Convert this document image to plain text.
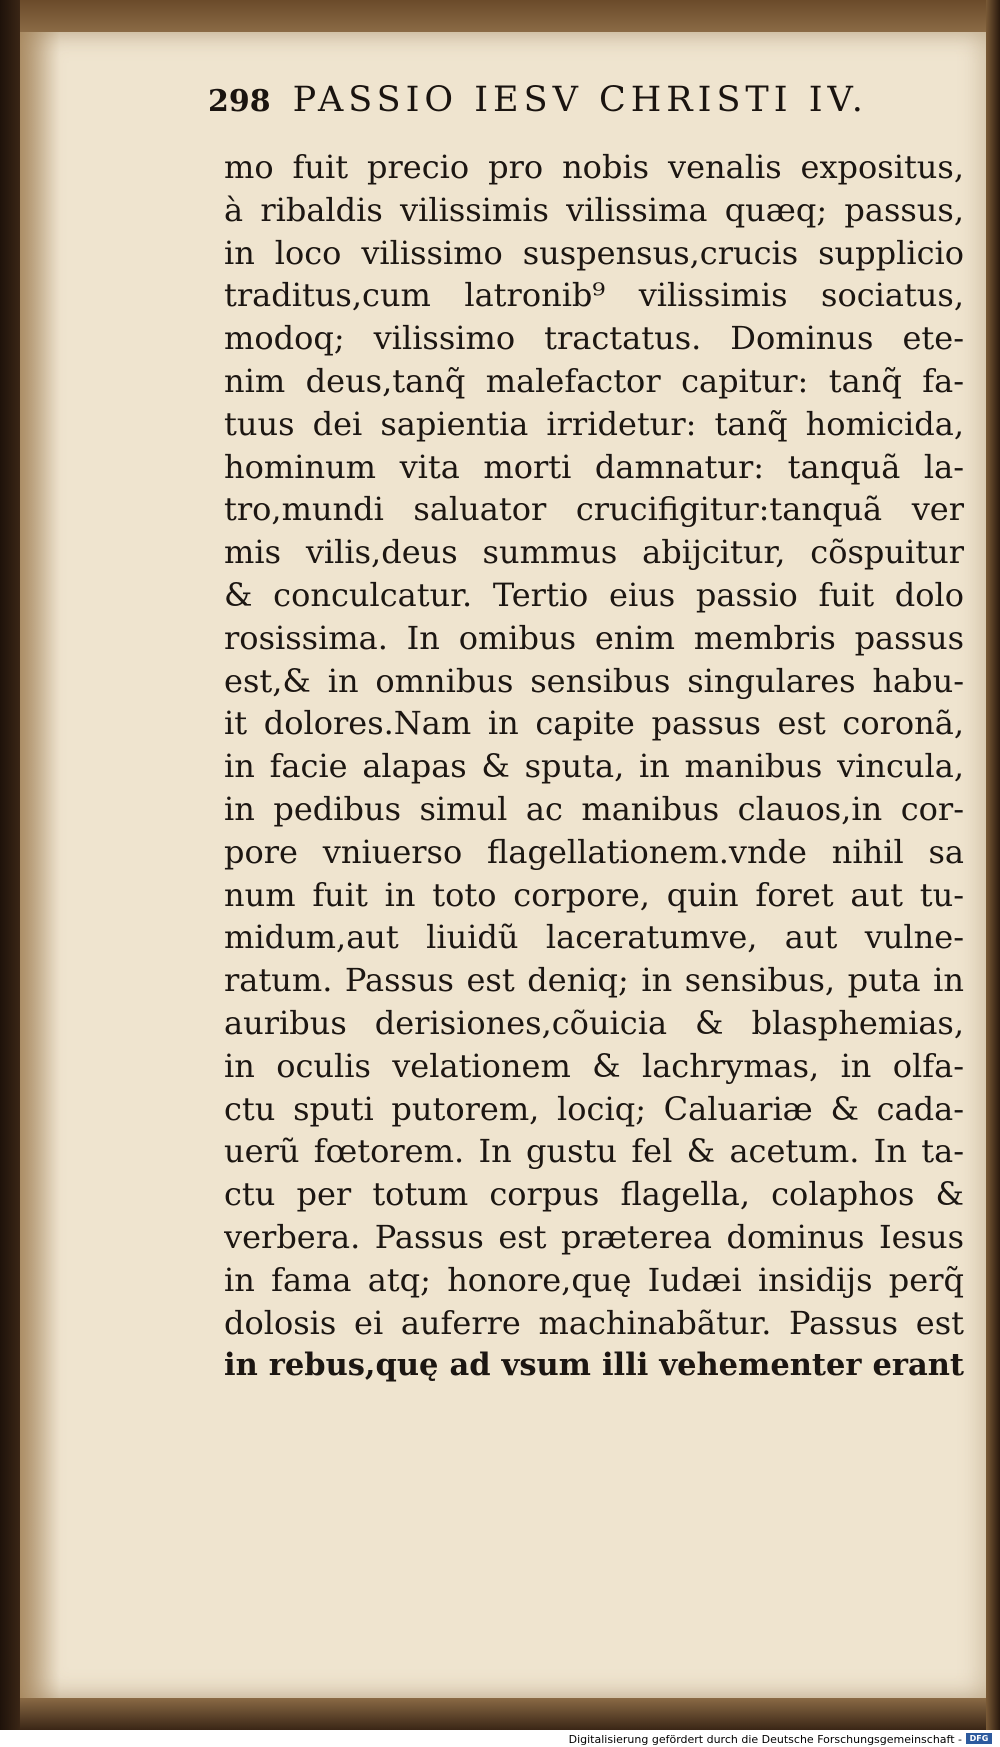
298 PASSIO IESV CHRISTI IV.
mo fuit precio pro nobis venalis expositus,
à ribaldis vilissimis vilissima quæq; passus,
in loco vilissimo suspensus,crucis supplicio
traditus,cum latronib⁹ vilissimis sociatus,
modoq; vilissimo tractatus. Dominus ete-
nim deus,tanq̃ malefactor capitur: tanq̃ fa-
tuus dei sapientia irridetur: tanq̃ homicida,
hominum vita morti damnatur: tanquã la-
tro,mundi saluator crucifigitur:tanquã ver
mis vilis,deus summus abijcitur, cõspuitur
& conculcatur. Tertio eius passio fuit dolo
rosissima. In omibus enim membris passus
est,& in omnibus sensibus singulares habu-
it dolores.Nam in capite passus est coronã,
in facie alapas & sputa, in manibus vincula,
in pedibus simul ac manibus clauos,in cor-
pore vniuerso flagellationem.vnde nihil sa
num fuit in toto corpore, quin foret aut tu-
midum,aut liuidũ laceratumve, aut vulne-
ratum. Passus est deniq; in sensibus, puta in
auribus derisiones,cõuicia & blasphemias,
in oculis velationem & lachrymas, in olfa-
ctu sputi putorem, lociq; Caluariæ & cada-
uerũ fœtorem. In gustu fel & acetum. In ta-
ctu per totum corpus flagella, colaphos &
verbera. Passus est præterea dominus Iesus
in fama atq; honore,quę Iudæi insidijs perq̃
dolosis ei auferre machinabãtur. Passus est
in rebus,quę ad vsum illi vehementer erant
Digitalisierung gefördert durch die Deutsche Forschungsgemeinschaft - DFG
